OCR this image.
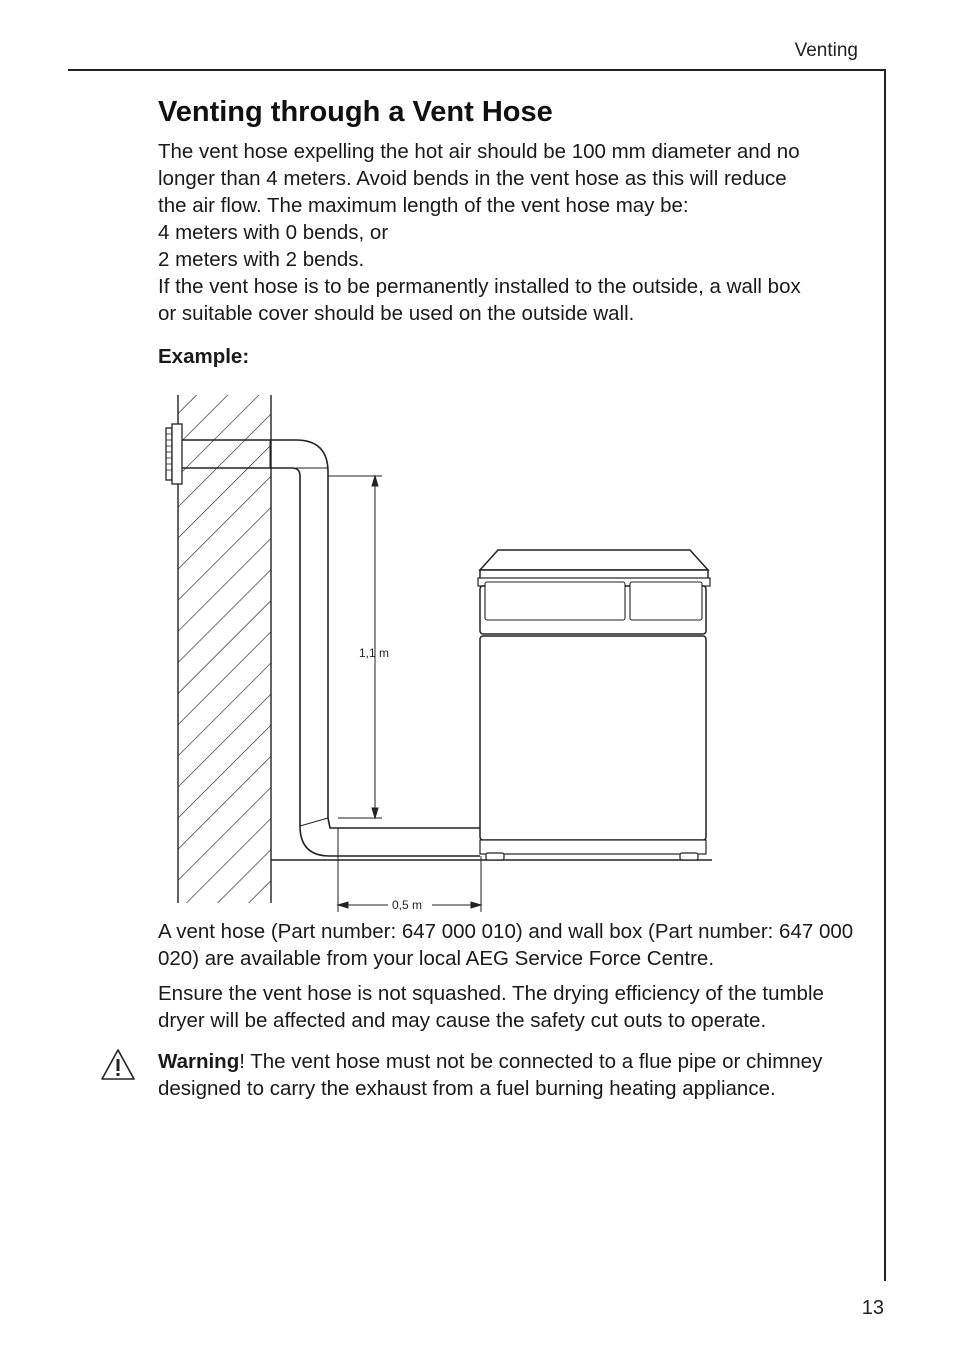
Venting
Venting through a Vent Hose

The vent hose expelling the hot air should be 100 mm diameter and no

longer than 4 meters. Avoid bends in the vent hose as this will reduce

the air flow. The maximum length of the vent hose may be:

4 meters with 0 bends, or

2 meters with 2 bends.

If the vent hose is to be permanently installed to the outside, a wall box

or suitable cover should be used on the outside wall.

Example:
1,1 m
0,5 m

A vent hose (Part number: 647 000 010) and wall box (Part number: 647 000 020) are available from your local AEG Service Force Centre.

Ensure the vent hose is not squashed. The drying efficiency of the tumble dryer will be affected and may cause the safety cut outs to operate.

Warning! The vent hose must not be connected to a flue pipe or chimney designed to carry the exhaust from a fuel burning heating appliance.

13
